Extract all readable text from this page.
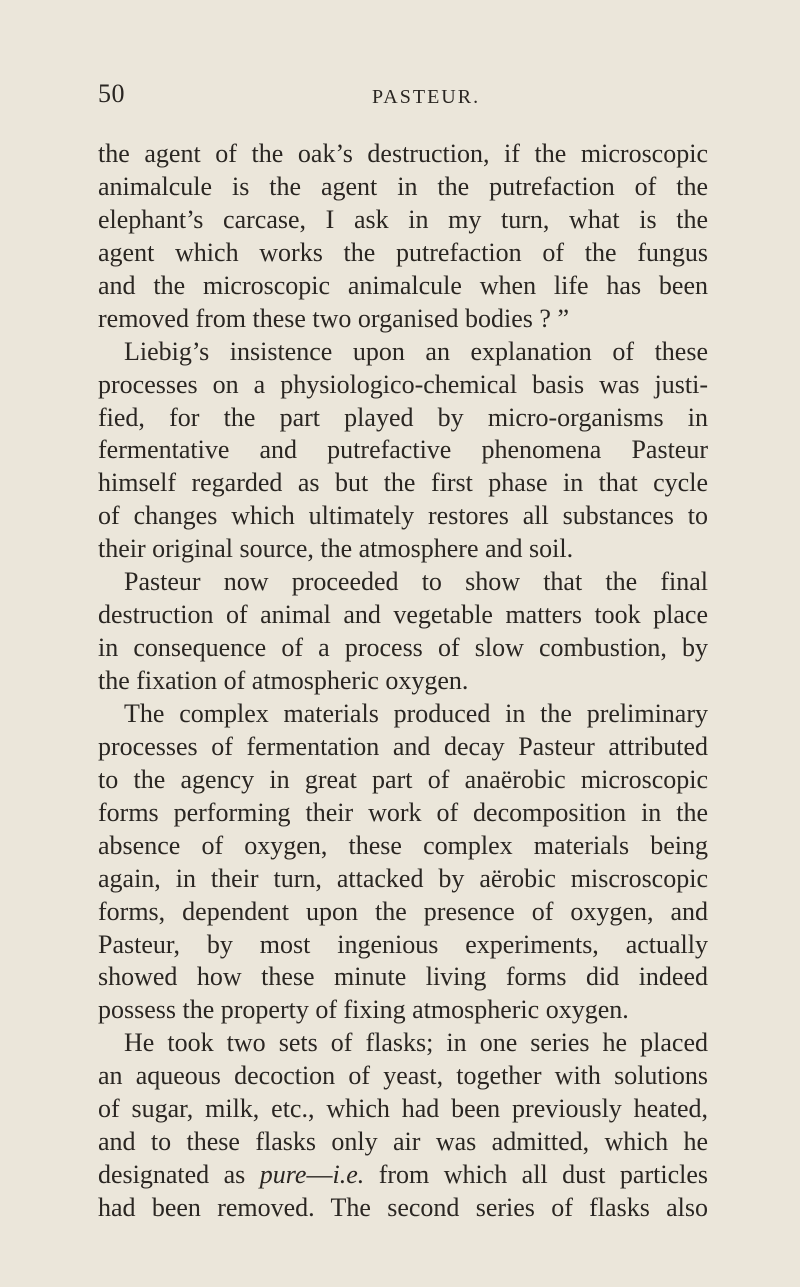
50	PASTEUR.
the agent of the oak’s destruction, if the microscopic
animalcule is the agent in the putrefaction of the
elephant’s carcase, I ask in my turn, what is the
agent which works the putrefaction of the fungus
and the microscopic animalcule when life has been
removed from these two organised bodies ? ”
Liebig’s insistence upon an explanation of these
processes on a physiologico-chemical basis was justi-
fied, for the part played by micro-organisms in
fermentative and putrefactive phenomena Pasteur
himself regarded as but the first phase in that cycle
of changes which ultimately restores all substances to
their original source, the atmosphere and soil.
Pasteur now proceeded to show that the final
destruction of animal and vegetable matters took place
in consequence of a process of slow combustion, by
the fixation of atmospheric oxygen.
The complex materials produced in the preliminary
processes of fermentation and decay Pasteur attributed
to the agency in great part of anaërobic microscopic
forms performing their work of decomposition in the
absence of oxygen, these complex materials being
again, in their turn, attacked by aërobic miscroscopic
forms, dependent upon the presence of oxygen, and
Pasteur, by most ingenious experiments, actually
showed how these minute living forms did indeed
possess the property of fixing atmospheric oxygen.
He took two sets of flasks; in one series he placed
an aqueous decoction of yeast, together with solutions
of sugar, milk, etc., which had been previously heated,
and to these flasks only air was admitted, which he
designated as pure—i.e. from which all dust particles
had been removed. The second series of flasks also
